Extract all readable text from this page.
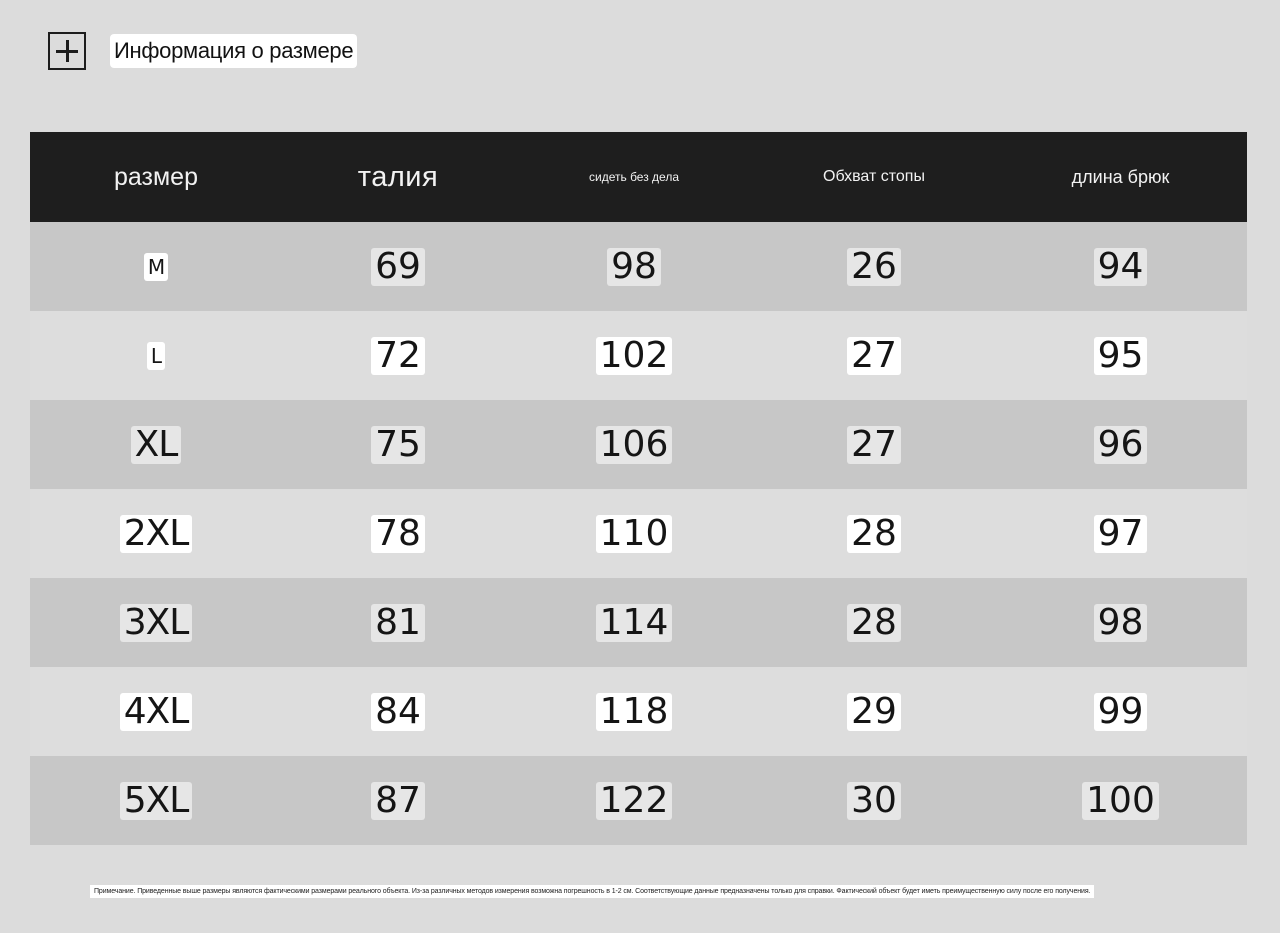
Информация о размере
размер	талия	сидеть без дела	Обхват стопы	длина брюк
M	69	98	26	94
L	72	102	27	95
XL	75	106	27	96
2XL	78	110	28	97
3XL	81	114	28	98
4XL	84	118	29	99
5XL	87	122	30	100
Примечание. Приведенные выше размеры являются фактическими размерами реального объекта. Из-за различных методов измерения возможна погрешность в 1-2 см. Соответствующие данные предназначены только для справки. Фактический объект будет иметь преимущественную силу после его получения.
